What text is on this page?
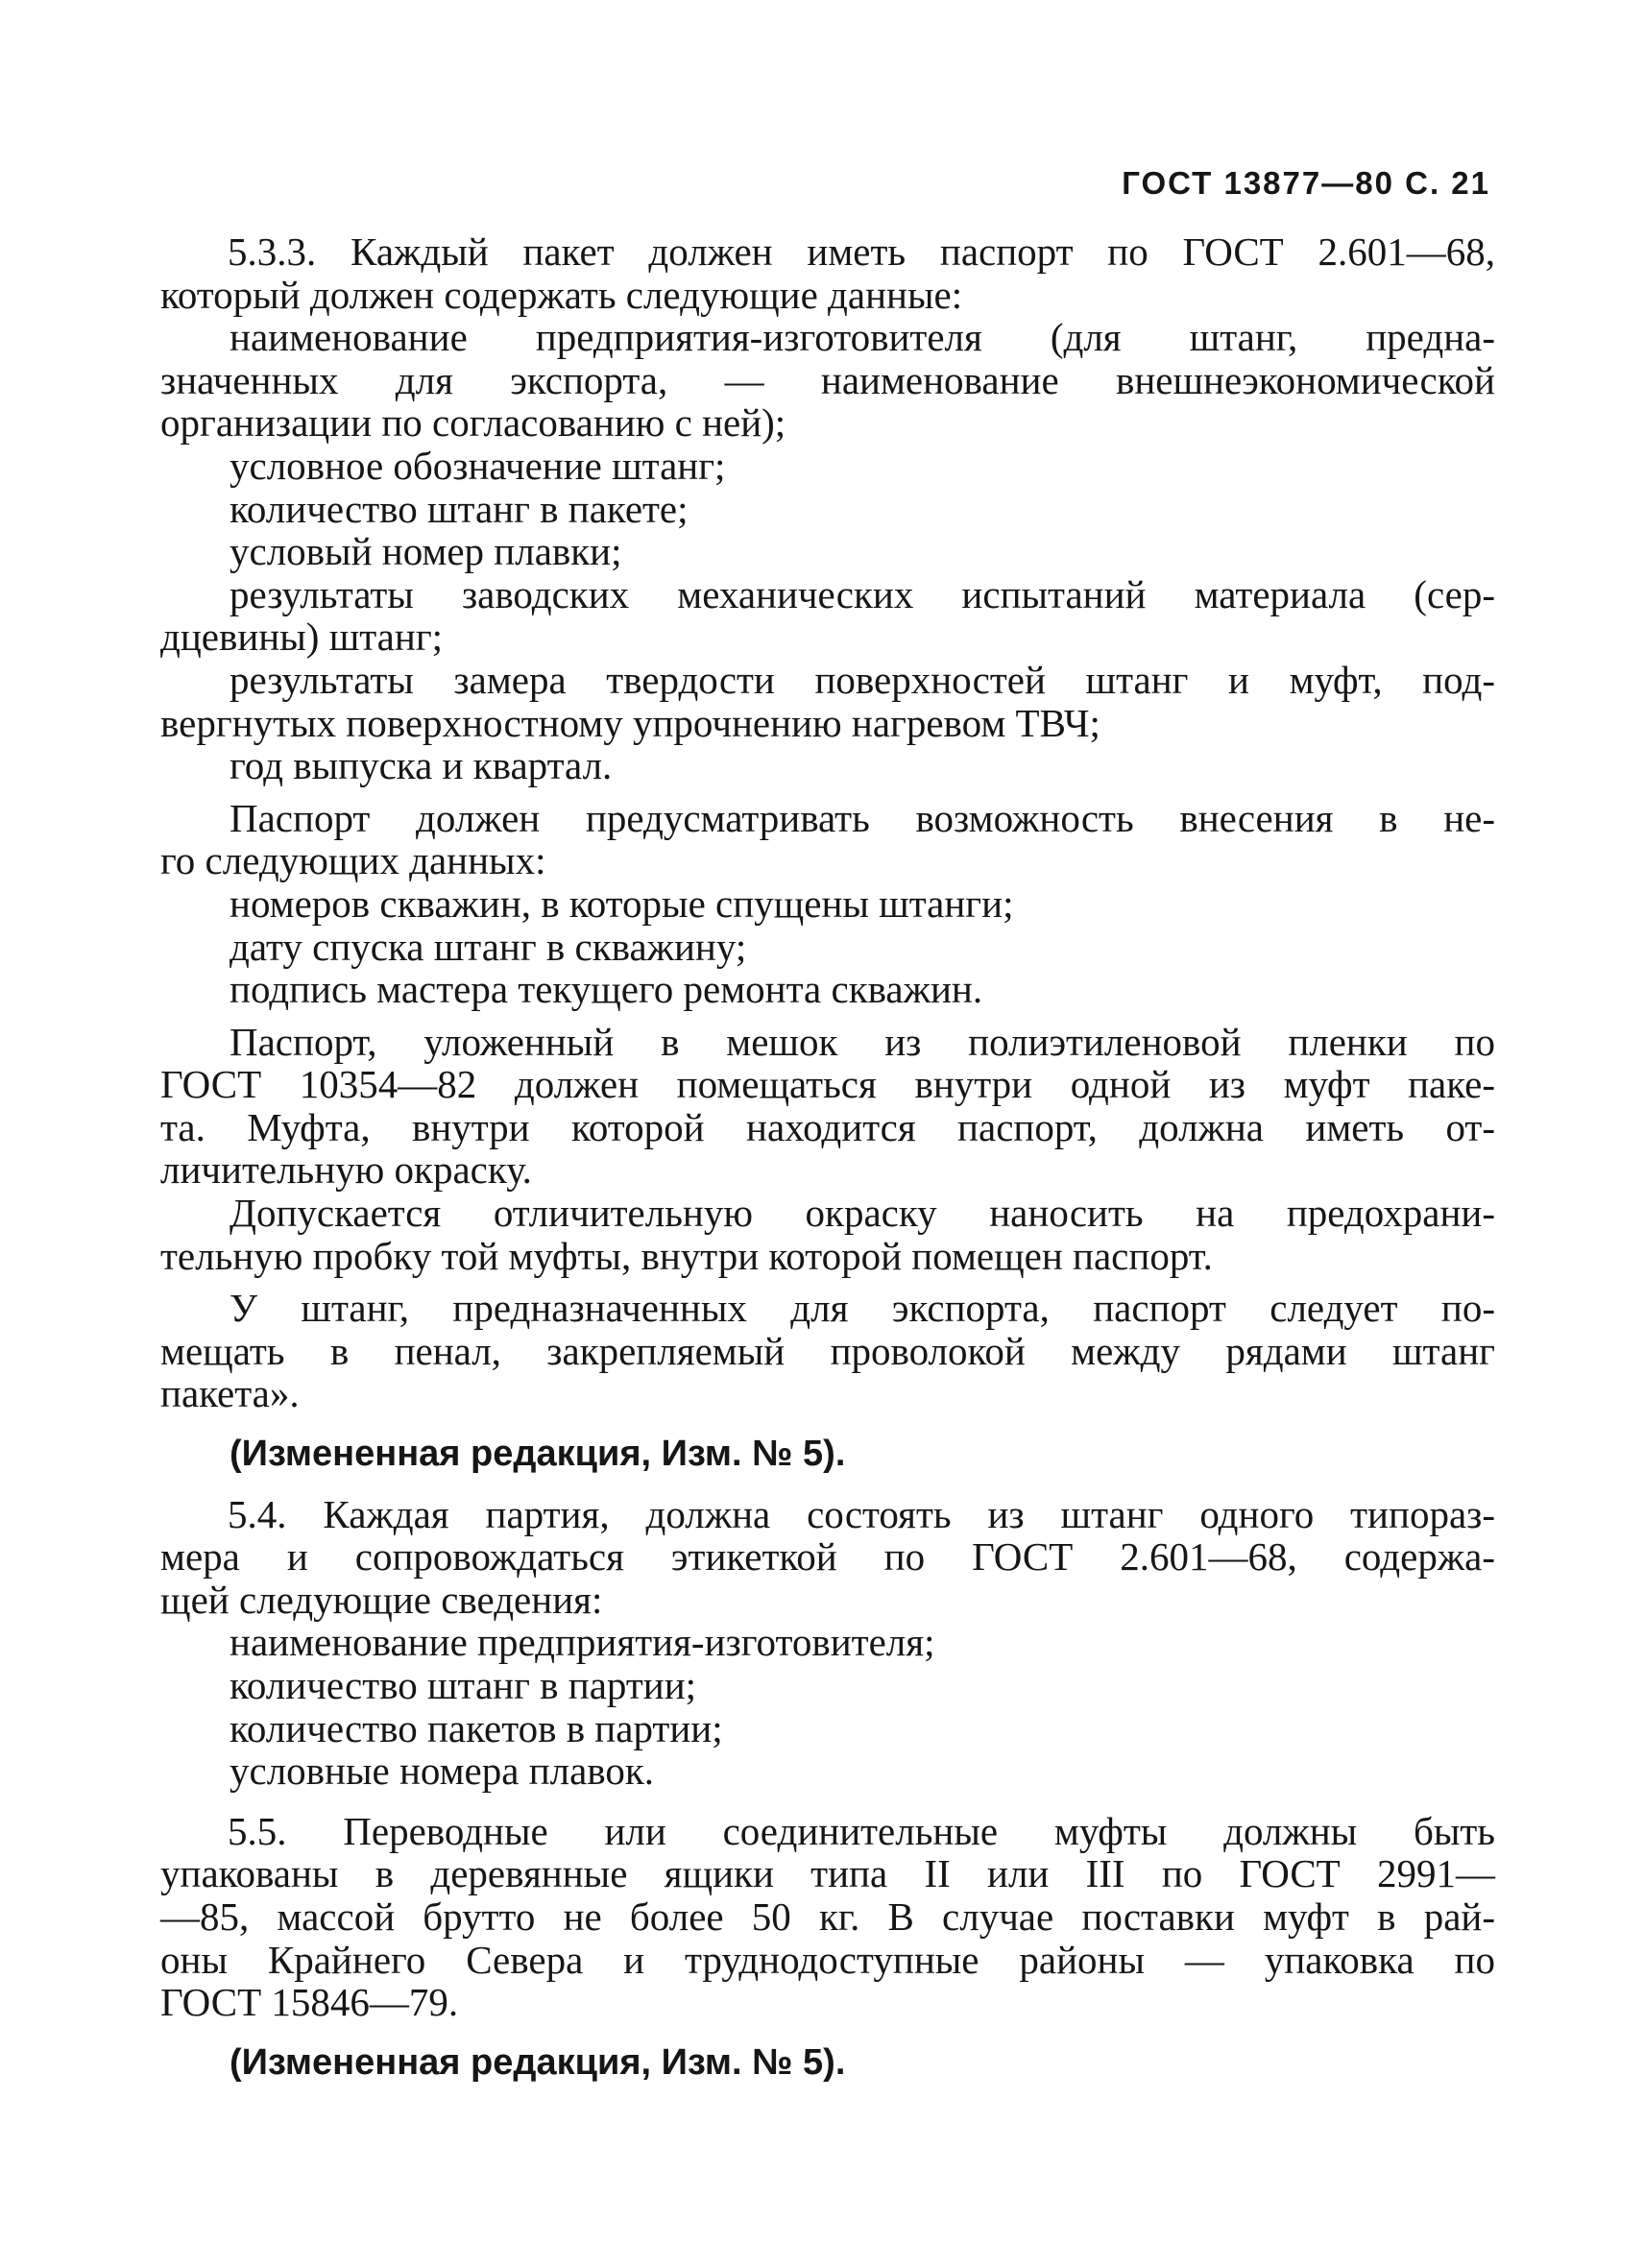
ГОСТ 13877—80 С. 21
5.3.3. Каждый пакет должен иметь паспорт по ГОСТ 2.601—68,
который должен содержать следующие данные:
наименование предприятия-изготовителя (для штанг, предна-
значенных для экспорта, — наименование внешнеэкономической
организации по согласованию с ней);
условное обозначение штанг;
количество штанг в пакете;
условый номер плавки;
результаты заводских механических испытаний материала (сер-
дцевины) штанг;
результаты замера твердости поверхностей штанг и муфт, под-
вергнутых поверхностному упрочнению нагревом ТВЧ;
год выпуска и квартал.
Паспорт должен предусматривать возможность внесения в не-
го следующих данных:
номеров скважин, в которые спущены штанги;
дату спуска штанг в скважину;
подпись мастера текущего ремонта скважин.
Паспорт, уложенный в мешок из полиэтиленовой пленки по
ГОСТ 10354—82 должен помещаться внутри одной из муфт паке-
та. Муфта, внутри которой находится паспорт, должна иметь от-
личительную окраску.
Допускается отличительную окраску наносить на предохрани-
тельную пробку той муфты, внутри которой помещен паспорт.
У штанг, предназначенных для экспорта, паспорт следует по-
мещать в пенал, закрепляемый проволокой между рядами штанг
пакета».
(Измененная редакция, Изм. № 5).
5.4. Каждая партия, должна состоять из штанг одного типораз-
мера и сопровождаться этикеткой по ГОСТ 2.601—68, содержа-
щей следующие сведения:
наименование предприятия-изготовителя;
количество штанг в партии;
количество пакетов в партии;
условные номера плавок.
5.5. Переводные или соединительные муфты должны быть
упакованы в деревянные ящики типа II или III по ГОСТ 2991—
—85, массой брутто не более 50 кг. В случае поставки муфт в рай-
оны Крайнего Севера и труднодоступные районы — упаковка по
ГОСТ 15846—79.
(Измененная редакция, Изм. № 5).
